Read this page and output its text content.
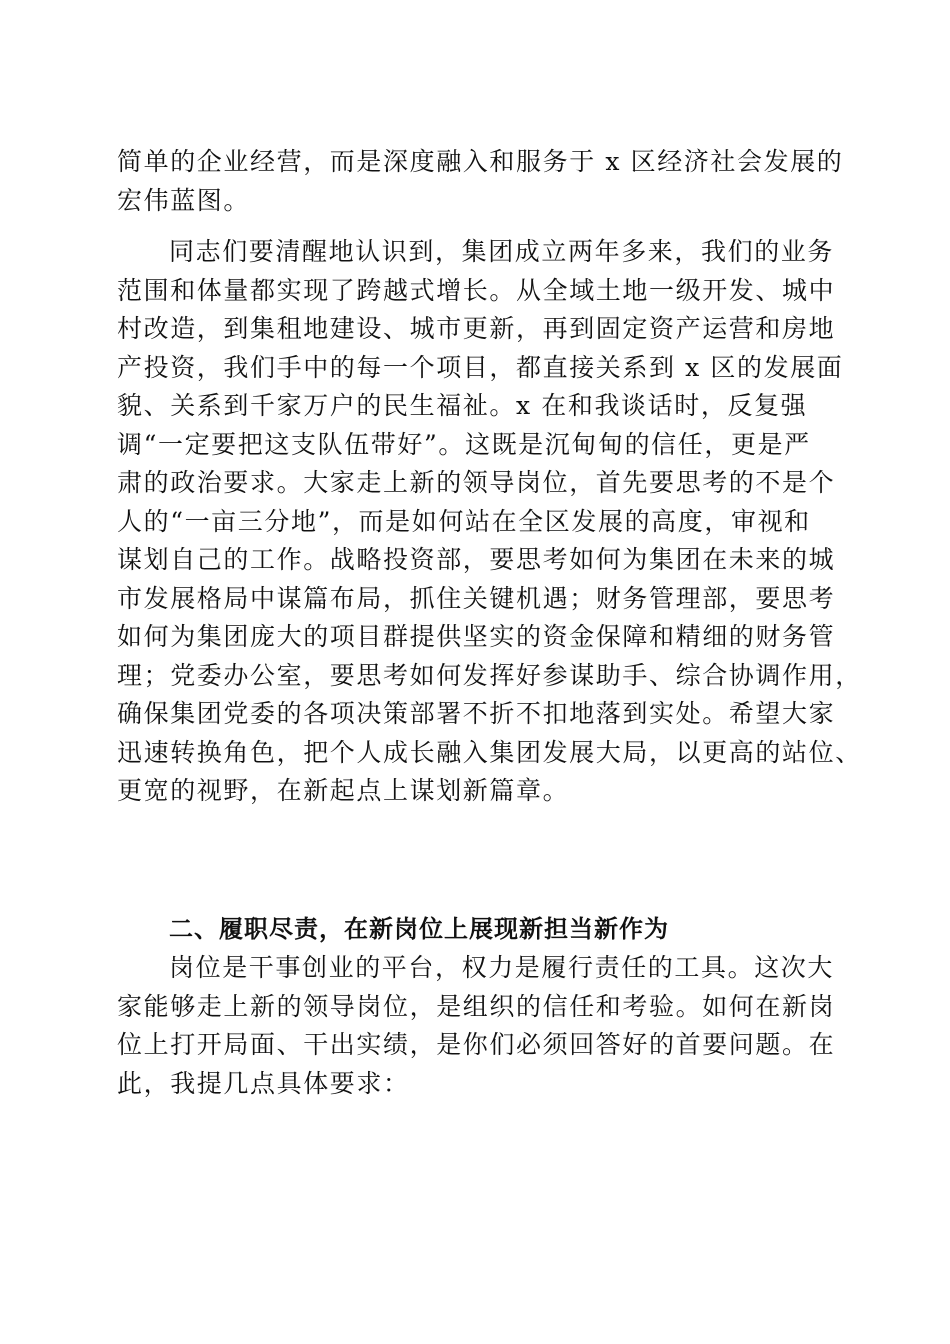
简单的企业经营，而是深度融入和服务于 x 区经济社会发展的
宏伟蓝图。
同志们要清醒地认识到，集团成立两年多来，我们的业务
范围和体量都实现了跨越式增长。从全域土地一级开发、城中
村改造，到集租地建设、城市更新，再到固定资产运营和房地
产投资，我们手中的每一个项目，都直接关系到 x 区的发展面
貌、关系到千家万户的民生福祉。x 在和我谈话时，反复强
调“一定要把这支队伍带好”。这既是沉甸甸的信任，更是严
肃的政治要求。大家走上新的领导岗位，首先要思考的不是个
人的“一亩三分地”，而是如何站在全区发展的高度，审视和
谋划自己的工作。战略投资部，要思考如何为集团在未来的城
市发展格局中谋篇布局，抓住关键机遇；财务管理部，要思考
如何为集团庞大的项目群提供坚实的资金保障和精细的财务管
理；党委办公室，要思考如何发挥好参谋助手、综合协调作用，
确保集团党委的各项决策部署不折不扣地落到实处。希望大家
迅速转换角色，把个人成长融入集团发展大局，以更高的站位、
更宽的视野，在新起点上谋划新篇章。
二、履职尽责，在新岗位上展现新担当新作为
岗位是干事创业的平台，权力是履行责任的工具。这次大
家能够走上新的领导岗位，是组织的信任和考验。如何在新岗
位上打开局面、干出实绩，是你们必须回答好的首要问题。在
此，我提几点具体要求：
